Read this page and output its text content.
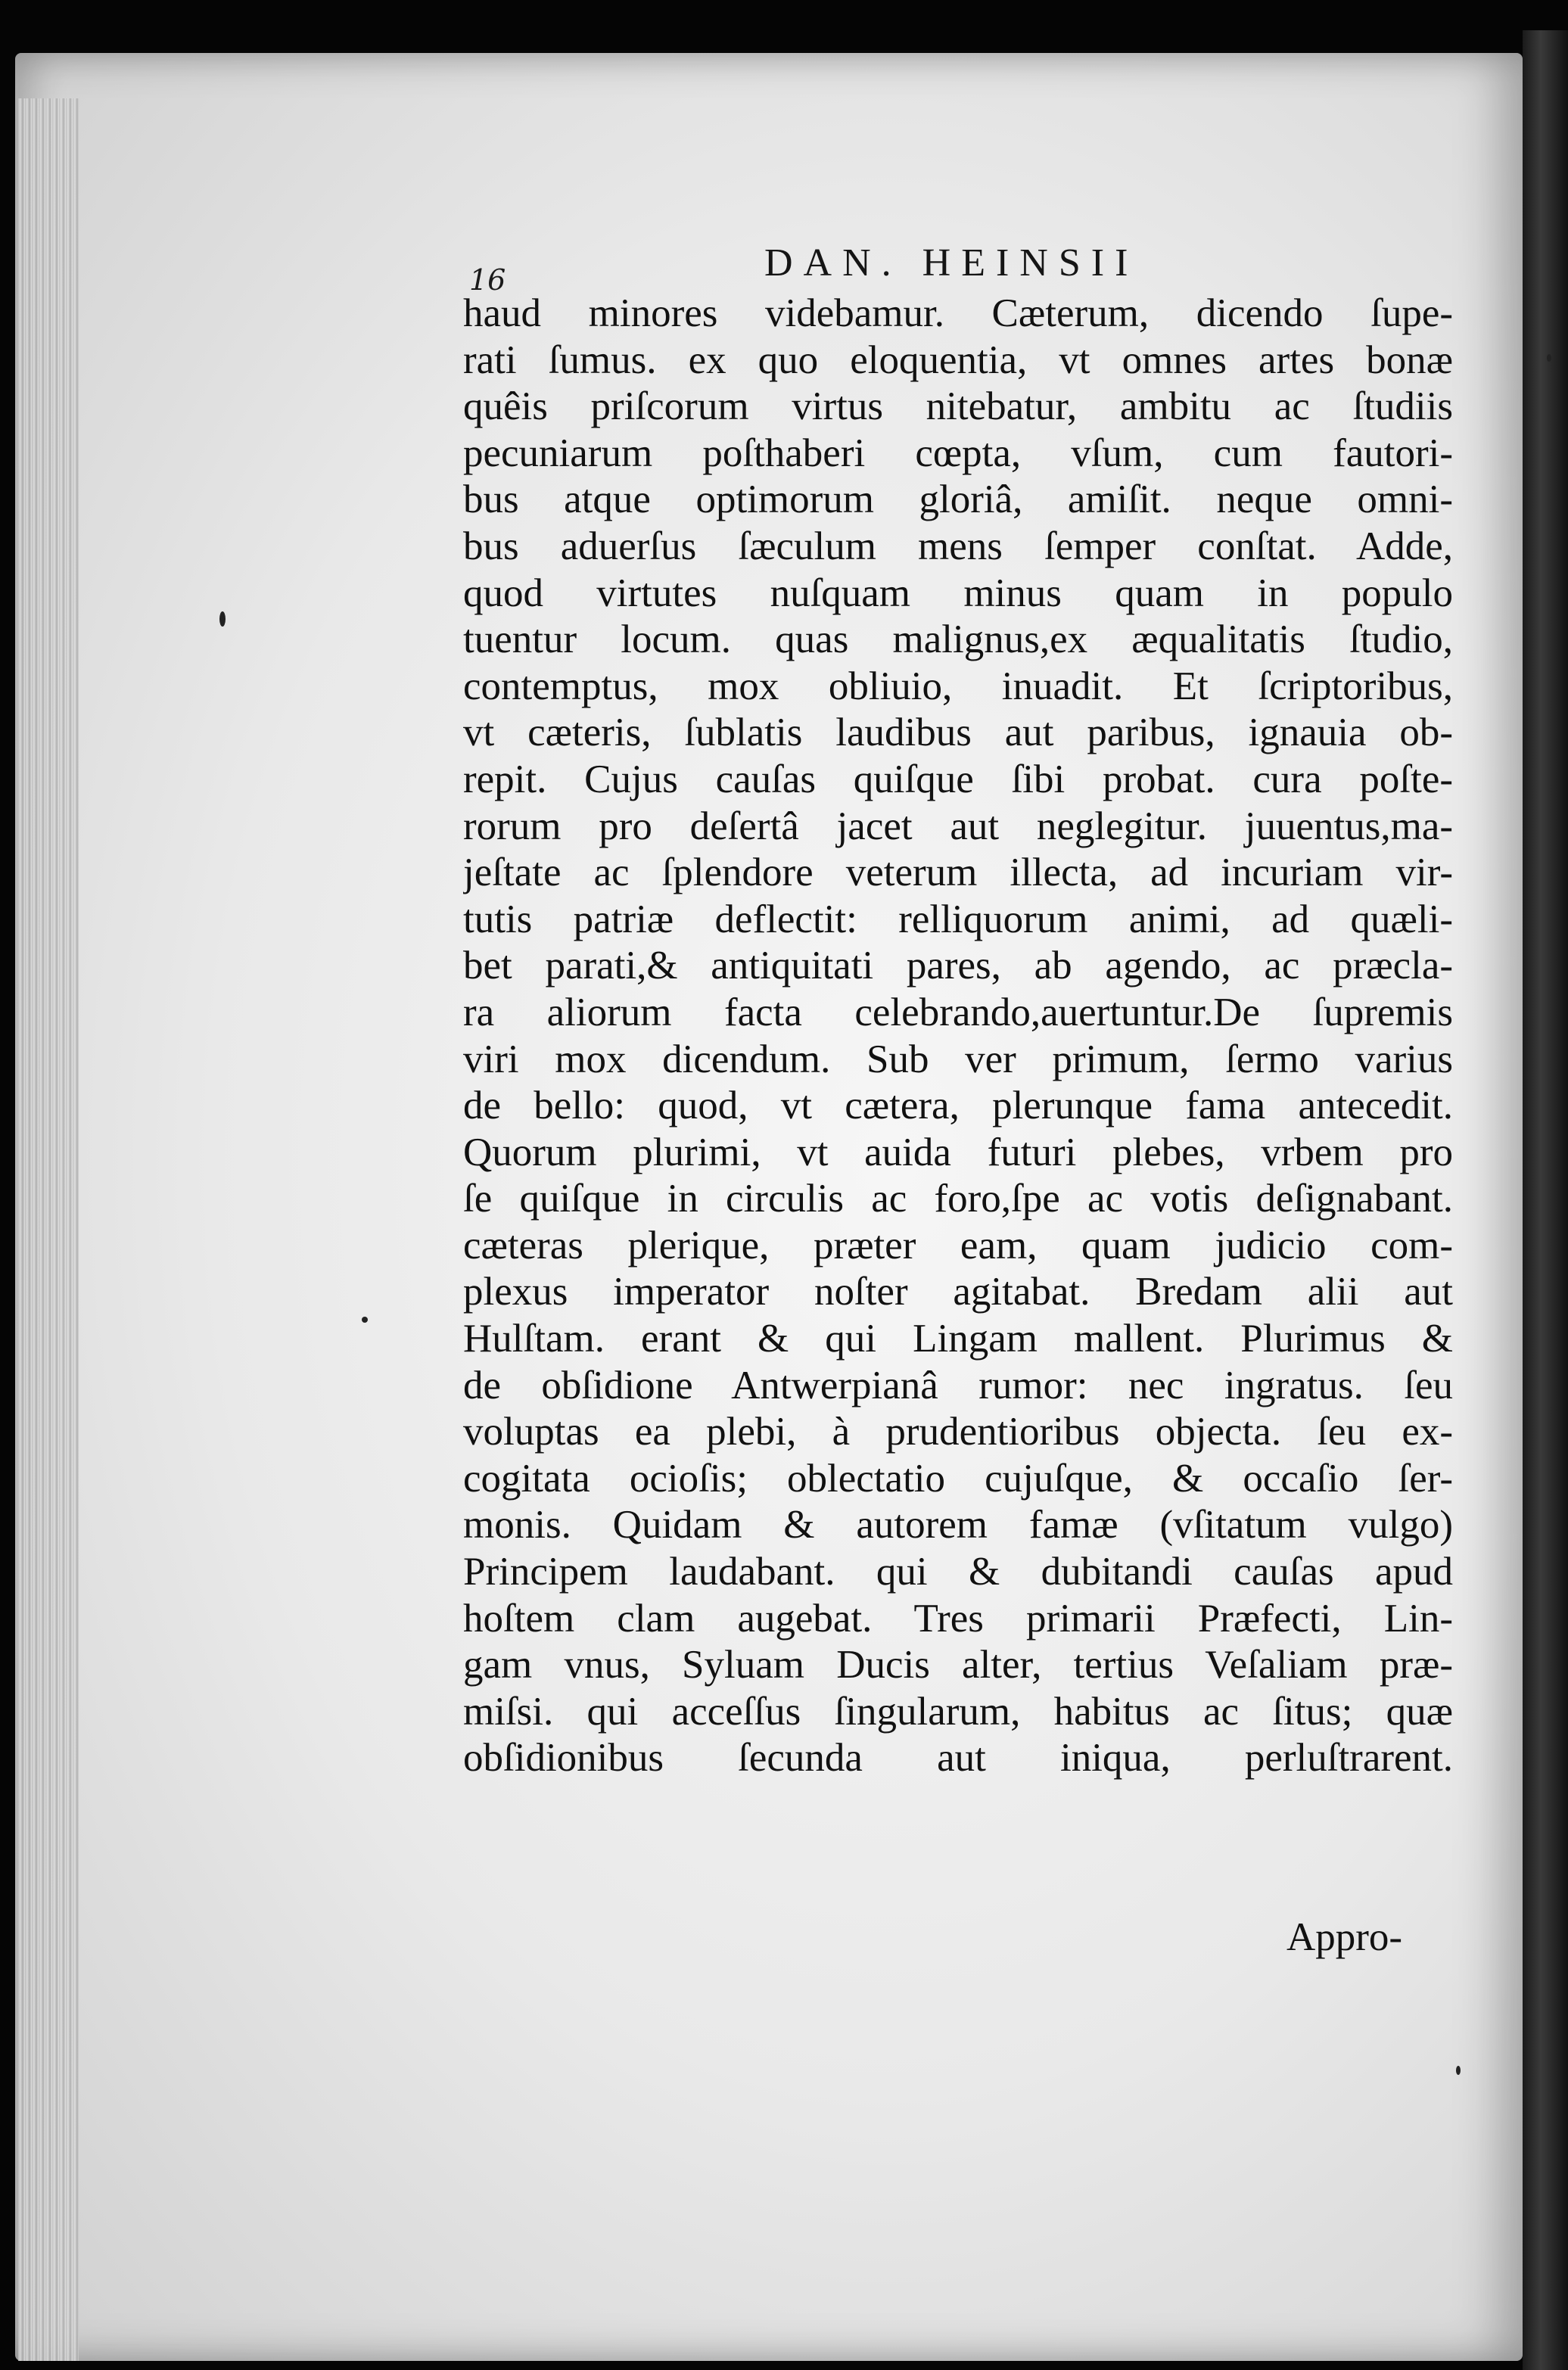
16	DAN. HEINSII
haud minores videbamur. Cæterum, dicendo ſupe-
rati ſumus. ex quo eloquentia, vt omnes artes bonæ
quêis priſcorum virtus nitebatur, ambitu ac ſtudiis
pecuniarum poſthaberi cœpta, vſum, cum fautori-
bus atque optimorum gloriâ, amiſit. neque omni-
bus aduerſus ſæculum mens ſemper conſtat. Adde,
quod virtutes nuſquam minus quam in populo
tuentur locum. quas malignus,ex æqualitatis ſtudio,
contemptus, mox obliuio, inuadit. Et ſcriptoribus,
vt cæteris, ſublatis laudibus aut paribus, ignauia ob-
repit. Cujus cauſas quiſque ſibi probat. cura poſte-
rorum pro deſertâ jacet aut neglegitur. juuentus,ma-
jeſtate ac ſplendore veterum illecta, ad incuriam vir-
tutis patriæ deflectit: relliquorum animi, ad quæli-
bet parati,& antiquitati pares, ab agendo, ac præcla-
ra aliorum facta celebrando,auertuntur.De ſupremis
viri mox dicendum. Sub ver primum, ſermo varius
de bello: quod, vt cætera, plerunque fama antecedit.
Quorum plurimi, vt auida futuri plebes, vrbem pro
ſe quiſque in circulis ac foro,ſpe ac votis deſignabant.
cæteras plerique, præter eam, quam judicio com-
plexus imperator noſter agitabat. Bredam alii aut
Hulſtam. erant & qui Lingam mallent. Plurimus &
de obſidione Antwerpianâ rumor: nec ingratus. ſeu
voluptas ea plebi, à prudentioribus objecta. ſeu ex-
cogitata ocioſis; oblectatio cujuſque, & occaſio ſer-
monis. Quidam & autorem famæ (vſitatum vulgo)
Principem laudabant. qui & dubitandi cauſas apud
hoſtem clam augebat. Tres primarii Præfecti, Lin-
gam vnus, Syluam Ducis alter, tertius Veſaliam præ-
miſsi. qui acceſſus ſingularum, habitus ac ſitus; quæ
obſidionibus ſecunda aut iniqua, perluſtrarent.
Appro-
